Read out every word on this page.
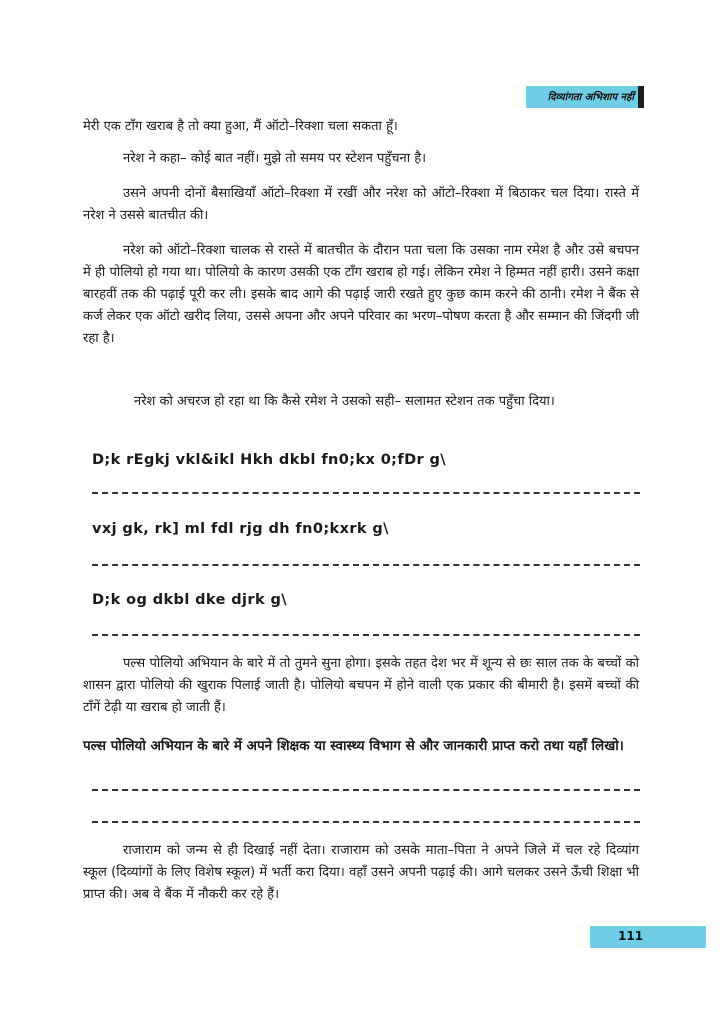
दिव्यांगता अभिशाप नहीं

मेरी एक टाँग खराब है तो क्या हुआ, मैं ऑटो–रिक्शा चला सकता हूँ।

नरेश ने कहा– कोई बात नहीं। मुझे तो समय पर स्टेशन पहुँचना है।

उसने अपनी दोनों बैसाखियाँ ऑटो–रिक्शा में रखीं और नरेश को ऑटो–रिक्शा में बिठाकर चल दिया। रास्ते में नरेश ने उससे बातचीत की।

नरेश को ऑटो–रिक्शा चालक से रास्ते में बातचीत के दौरान पता चला कि उसका नाम रमेश है और उसे बचपन में ही पोलियो हो गया था। पोलियो के कारण उसकी एक टाँग खराब हो गई। लेकिन रमेश ने हिम्मत नहीं हारी। उसने कक्षा बारहवीं तक की पढ़ाई पूरी कर ली। इसके बाद आगे की पढ़ाई जारी रखते हुए कुछ काम करने की ठानी। रमेश ने बैंक से कर्ज लेकर एक ऑटो खरीद लिया, उससे अपना और अपने परिवार का भरण–पोषण करता है और सम्मान की जिंदगी जी रहा है।

नरेश को अचरज हो रहा था कि कैसे रमेश ने उसको सही– सलामत स्टेशन तक पहुँचा दिया।

D;k rEgkj vkl&ikl Hkh dkbl fn0;kx 0;fDr g\

vxj gk, rk] ml fdl rjg dh fn0;kxrk g\

D;k og dkbl dke djrk g\

पल्स पोलियो अभियान के बारे में तो तुमने सुना होगा। इसके तहत देश भर में शून्य से छः साल तक के बच्चों को शासन द्वारा पोलियो की खुराक पिलाई जाती है। पोलियो बचपन में होने वाली एक प्रकार की बीमारी है। इसमें बच्चों की टाँगें टेढ़ी या खराब हो जाती हैं।

पल्स पोलियो अभियान के बारे में अपने शिक्षक या स्वास्थ्य विभाग से और जानकारी प्राप्त करो तथा यहाँ लिखो।

राजाराम को जन्म से ही दिखाई नहीं देता। राजाराम को उसके माता–पिता ने अपने जिले में चल रहे दिव्यांग स्कूल (दिव्यांगों के लिए विशेष स्कूल) में भर्ती करा दिया। वहाँ उसने अपनी पढ़ाई की। आगे चलकर उसने ऊँची शिक्षा भी प्राप्त की। अब वे बैंक में नौकरी कर रहे हैं।

111
